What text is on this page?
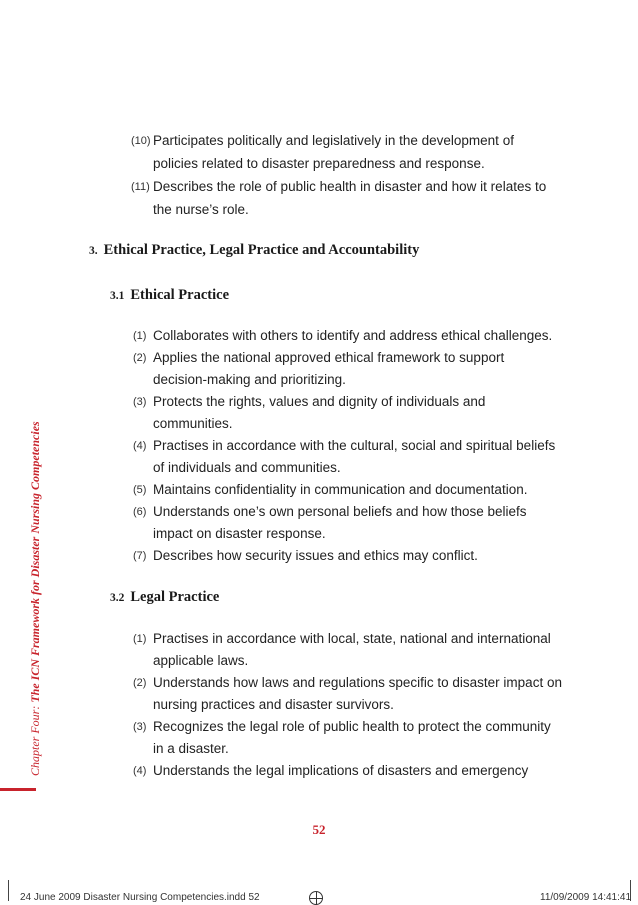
(10) Participates politically and legislatively in the development of
policies related to disaster preparedness and response.
(11) Describes the role of public health in disaster and how it relates to
the nurse’s role.
3. Ethical Practice, Legal Practice and Accountability
3.1 Ethical Practice
(1) Collaborates with others to identify and address ethical challenges.
(2) Applies the national approved ethical framework to support
decision-making and prioritizing.
(3) Protects the rights, values and dignity of individuals and
communities.
(4) Practises in accordance with the cultural, social and spiritual beliefs
of individuals and communities.
(5) Maintains confidentiality in communication and documentation.
(6) Understands one’s own personal beliefs and how those beliefs
impact on disaster response.
(7) Describes how security issues and ethics may conflict.
3.2 Legal Practice
(1) Practises in accordance with local, state, national and international
applicable laws.
(2) Understands how laws and regulations specific to disaster impact on
nursing practices and disaster survivors.
(3) Recognizes the legal role of public health to protect the community
in a disaster.
(4) Understands the legal implications of disasters and emergency
Chapter Four: The ICN Framework for Disaster Nursing Competencies
52
24 June 2009 Disaster Nursing Competencies.indd 52	11/09/2009 14:41:41
